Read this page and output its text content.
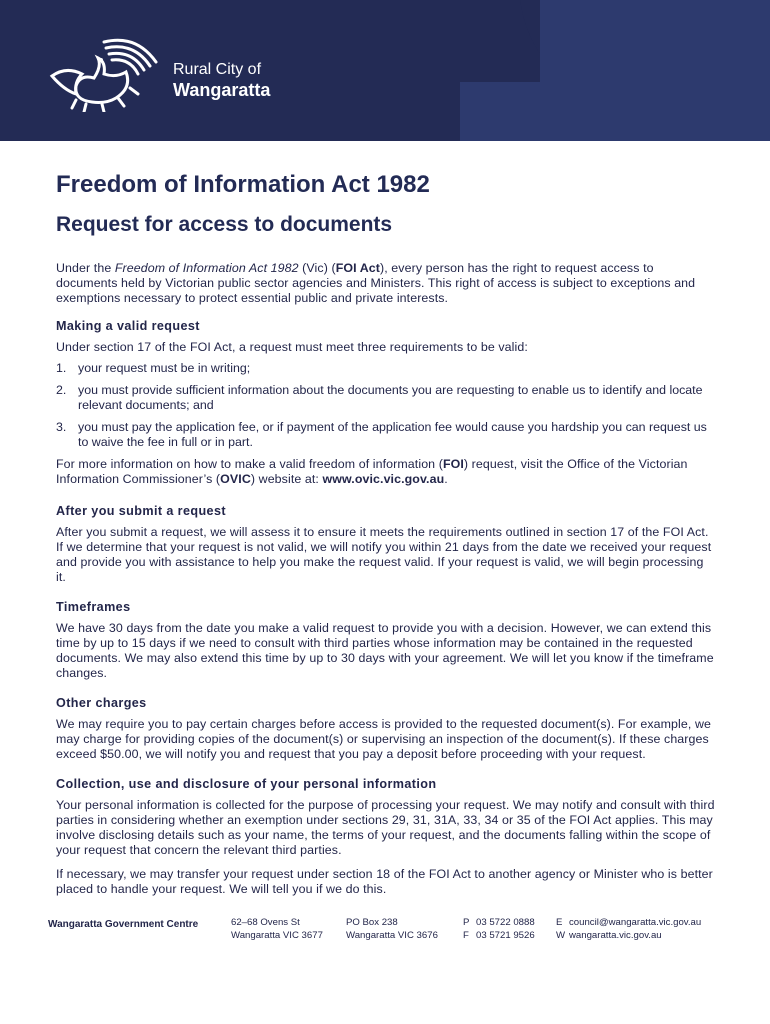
Rural City of
Wangaratta
Freedom of Information Act 1982
Request for access to documents

Under the Freedom of Information Act 1982 (Vic) (FOI Act), every person has the right to request access to documents held by Victorian public sector agencies and Ministers. This right of access is subject to exceptions and exemptions necessary to protect essential public and private interests.

Making a valid request

Under section 17 of the FOI Act, a request must meet three requirements to be valid:

1. your request must be in writing;
2. you must provide sufficient information about the documents you are requesting to enable us to identify and locate relevant documents; and
3. you must pay the application fee, or if payment of the application fee would cause you hardship you can request us to waive the fee in full or in part.

For more information on how to make a valid freedom of information (FOI) request, visit the Office of the Victorian Information Commissioner’s (OVIC) website at: www.ovic.vic.gov.au.

After you submit a request

After you submit a request, we will assess it to ensure it meets the requirements outlined in section 17 of the FOI Act. If we determine that your request is not valid, we will notify you within 21 days from the date we received your request and provide you with assistance to help you make the request valid. If your request is valid, we will begin processing it.

Timeframes

We have 30 days from the date you make a valid request to provide you with a decision. However, we can extend this time by up to 15 days if we need to consult with third parties whose information may be contained in the requested documents. We may also extend this time by up to 30 days with your agreement. We will let you know if the timeframe changes.

Other charges

We may require you to pay certain charges before access is provided to the requested document(s). For example, we may charge for providing copies of the document(s) or supervising an inspection of the document(s). If these charges exceed $50.00, we will notify you and request that you pay a deposit before proceeding with your request.

Collection, use and disclosure of your personal information

Your personal information is collected for the purpose of processing your request. We may notify and consult with third parties in considering whether an exemption under sections 29, 31, 31A, 33, 34 or 35 of the FOI Act applies. This may involve disclosing details such as your name, the terms of your request, and the documents falling within the scope of your request that concern the relevant third parties.

If necessary, we may transfer your request under section 18 of the FOI Act to another agency or Minister who is better placed to handle your request. We will tell you if we do this.

Wangaratta Government Centre	62–68 Ovens St
Wangaratta VIC 3677
PO Box 238
Wangaratta VIC 3676
P 03 5722 0888
F 03 5721 9526
E council@wangaratta.vic.gov.au
W wangaratta.vic.gov.au
